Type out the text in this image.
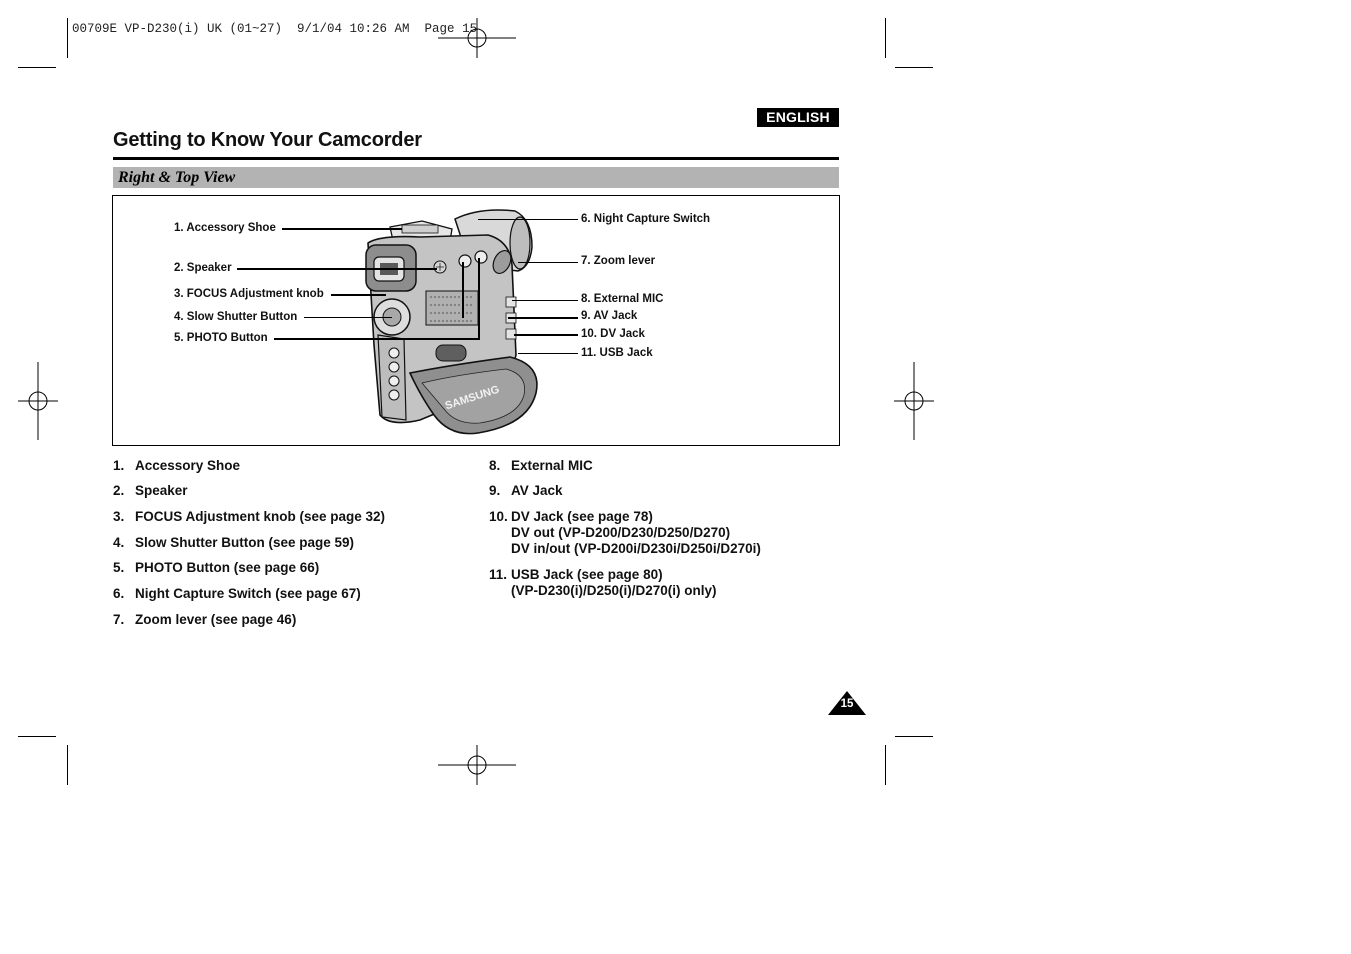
00709E VP-D230(i) UK (01~27)  9/1/04 10:26 AM  Page 15
ENGLISH
Getting to Know Your Camcorder
Right & Top View
SAMSUNG
1. Accessory Shoe
2. Speaker
3. FOCUS Adjustment knob
4. Slow Shutter Button
5. PHOTO Button
6. Night Capture Switch
7. Zoom lever
8. External MIC
9. AV Jack
10. DV Jack
11. USB Jack
1. Accessory Shoe
2. Speaker
3. FOCUS Adjustment knob (see page 32)
4. Slow Shutter Button (see page 59)
5. PHOTO Button (see page 66)
6. Night Capture Switch (see page 67)
7. Zoom lever (see page 46)
8. External MIC
9. AV Jack
10. DV Jack (see page 78)
DV out (VP-D200/D230/D250/D270)
DV in/out (VP-D200i/D230i/D250i/D270i)
11. USB Jack (see page 80)
(VP-D230(i)/D250(i)/D270(i) only)
15
